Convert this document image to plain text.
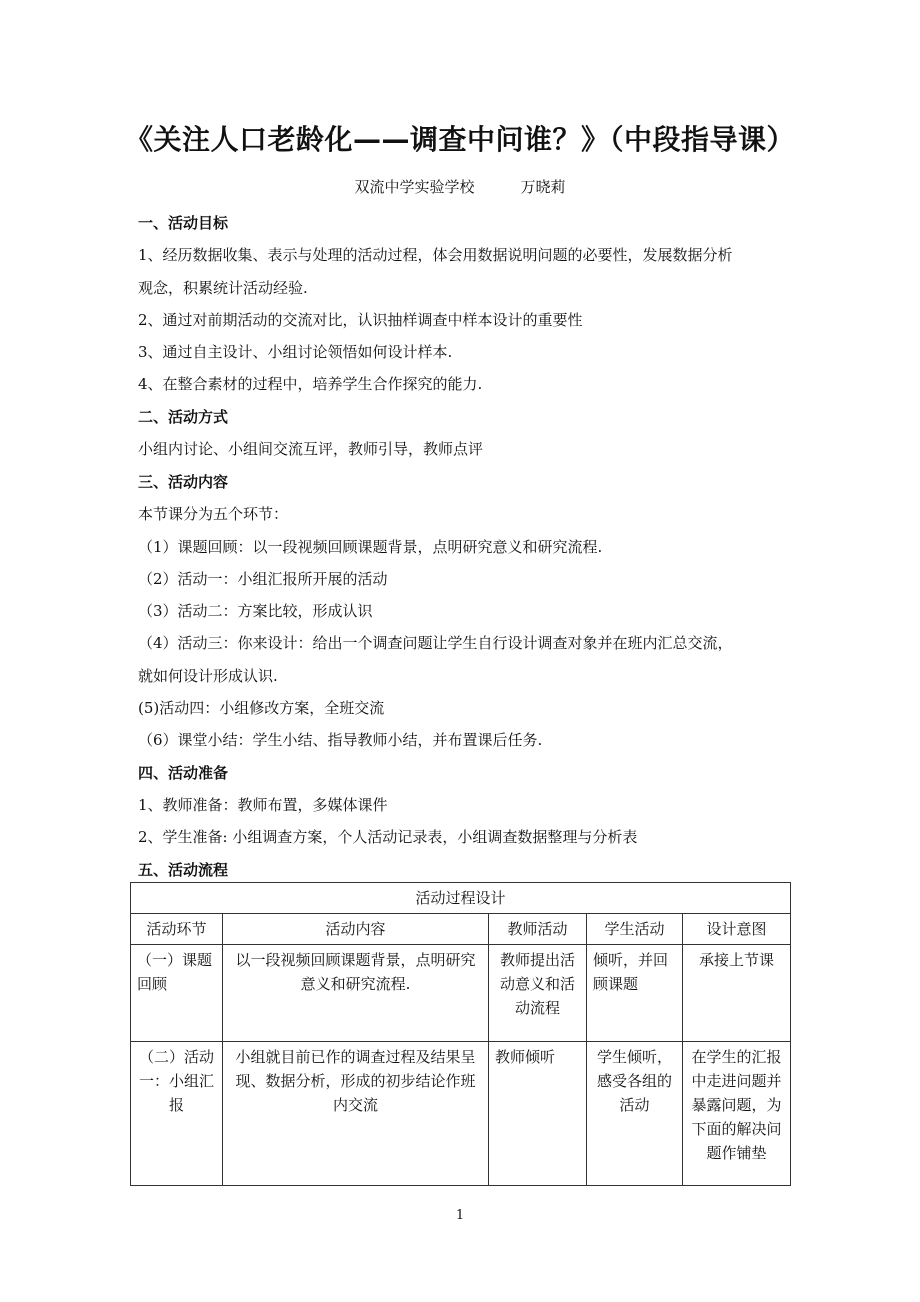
《关注人口老龄化——调查中问谁？》（中段指导课）
双流中学实验学校	万晓莉
一、活动目标
1、经历数据收集、表示与处理的活动过程，体会用数据说明问题的必要性，发展数据分析
观念，积累统计活动经验.
2、通过对前期活动的交流对比，认识抽样调查中样本设计的重要性
3、通过自主设计、小组讨论领悟如何设计样本.
4、在整合素材的过程中，培养学生合作探究的能力.
二、活动方式
小组内讨论、小组间交流互评，教师引导，教师点评
三、活动内容
本节课分为五个环节：
（1）课题回顾：以一段视频回顾课题背景，点明研究意义和研究流程.
（2）活动一：小组汇报所开展的活动
（3）活动二：方案比较，形成认识
（4）活动三：你来设计：给出一个调查问题让学生自行设计调查对象并在班内汇总交流，
就如何设计形成认识.
(5)活动四：小组修改方案，全班交流
（6）课堂小结：学生小结、指导教师小结，并布置课后任务.
四、活动准备
1、教师准备：教师布置，多媒体课件
2、学生准备: 小组调查方案，个人活动记录表，小组调查数据整理与分析表
五、活动流程
活动过程设计				
活动环节	活动内容	教师活动	学生活动	设计意图
（一）课题回顾	以一段视频回顾课题背景，点明研究意义和研究流程.	教师提出活动意义和活动流程	倾听，并回顾课题	承接上节课
（二）活动一：小组汇报	小组就目前已作的调查过程及结果呈现、数据分析，形成的初步结论作班内交流	教师倾听	学生倾听，感受各组的活动	在学生的汇报中走进问题并暴露问题，为下面的解决问题作铺垫
1
